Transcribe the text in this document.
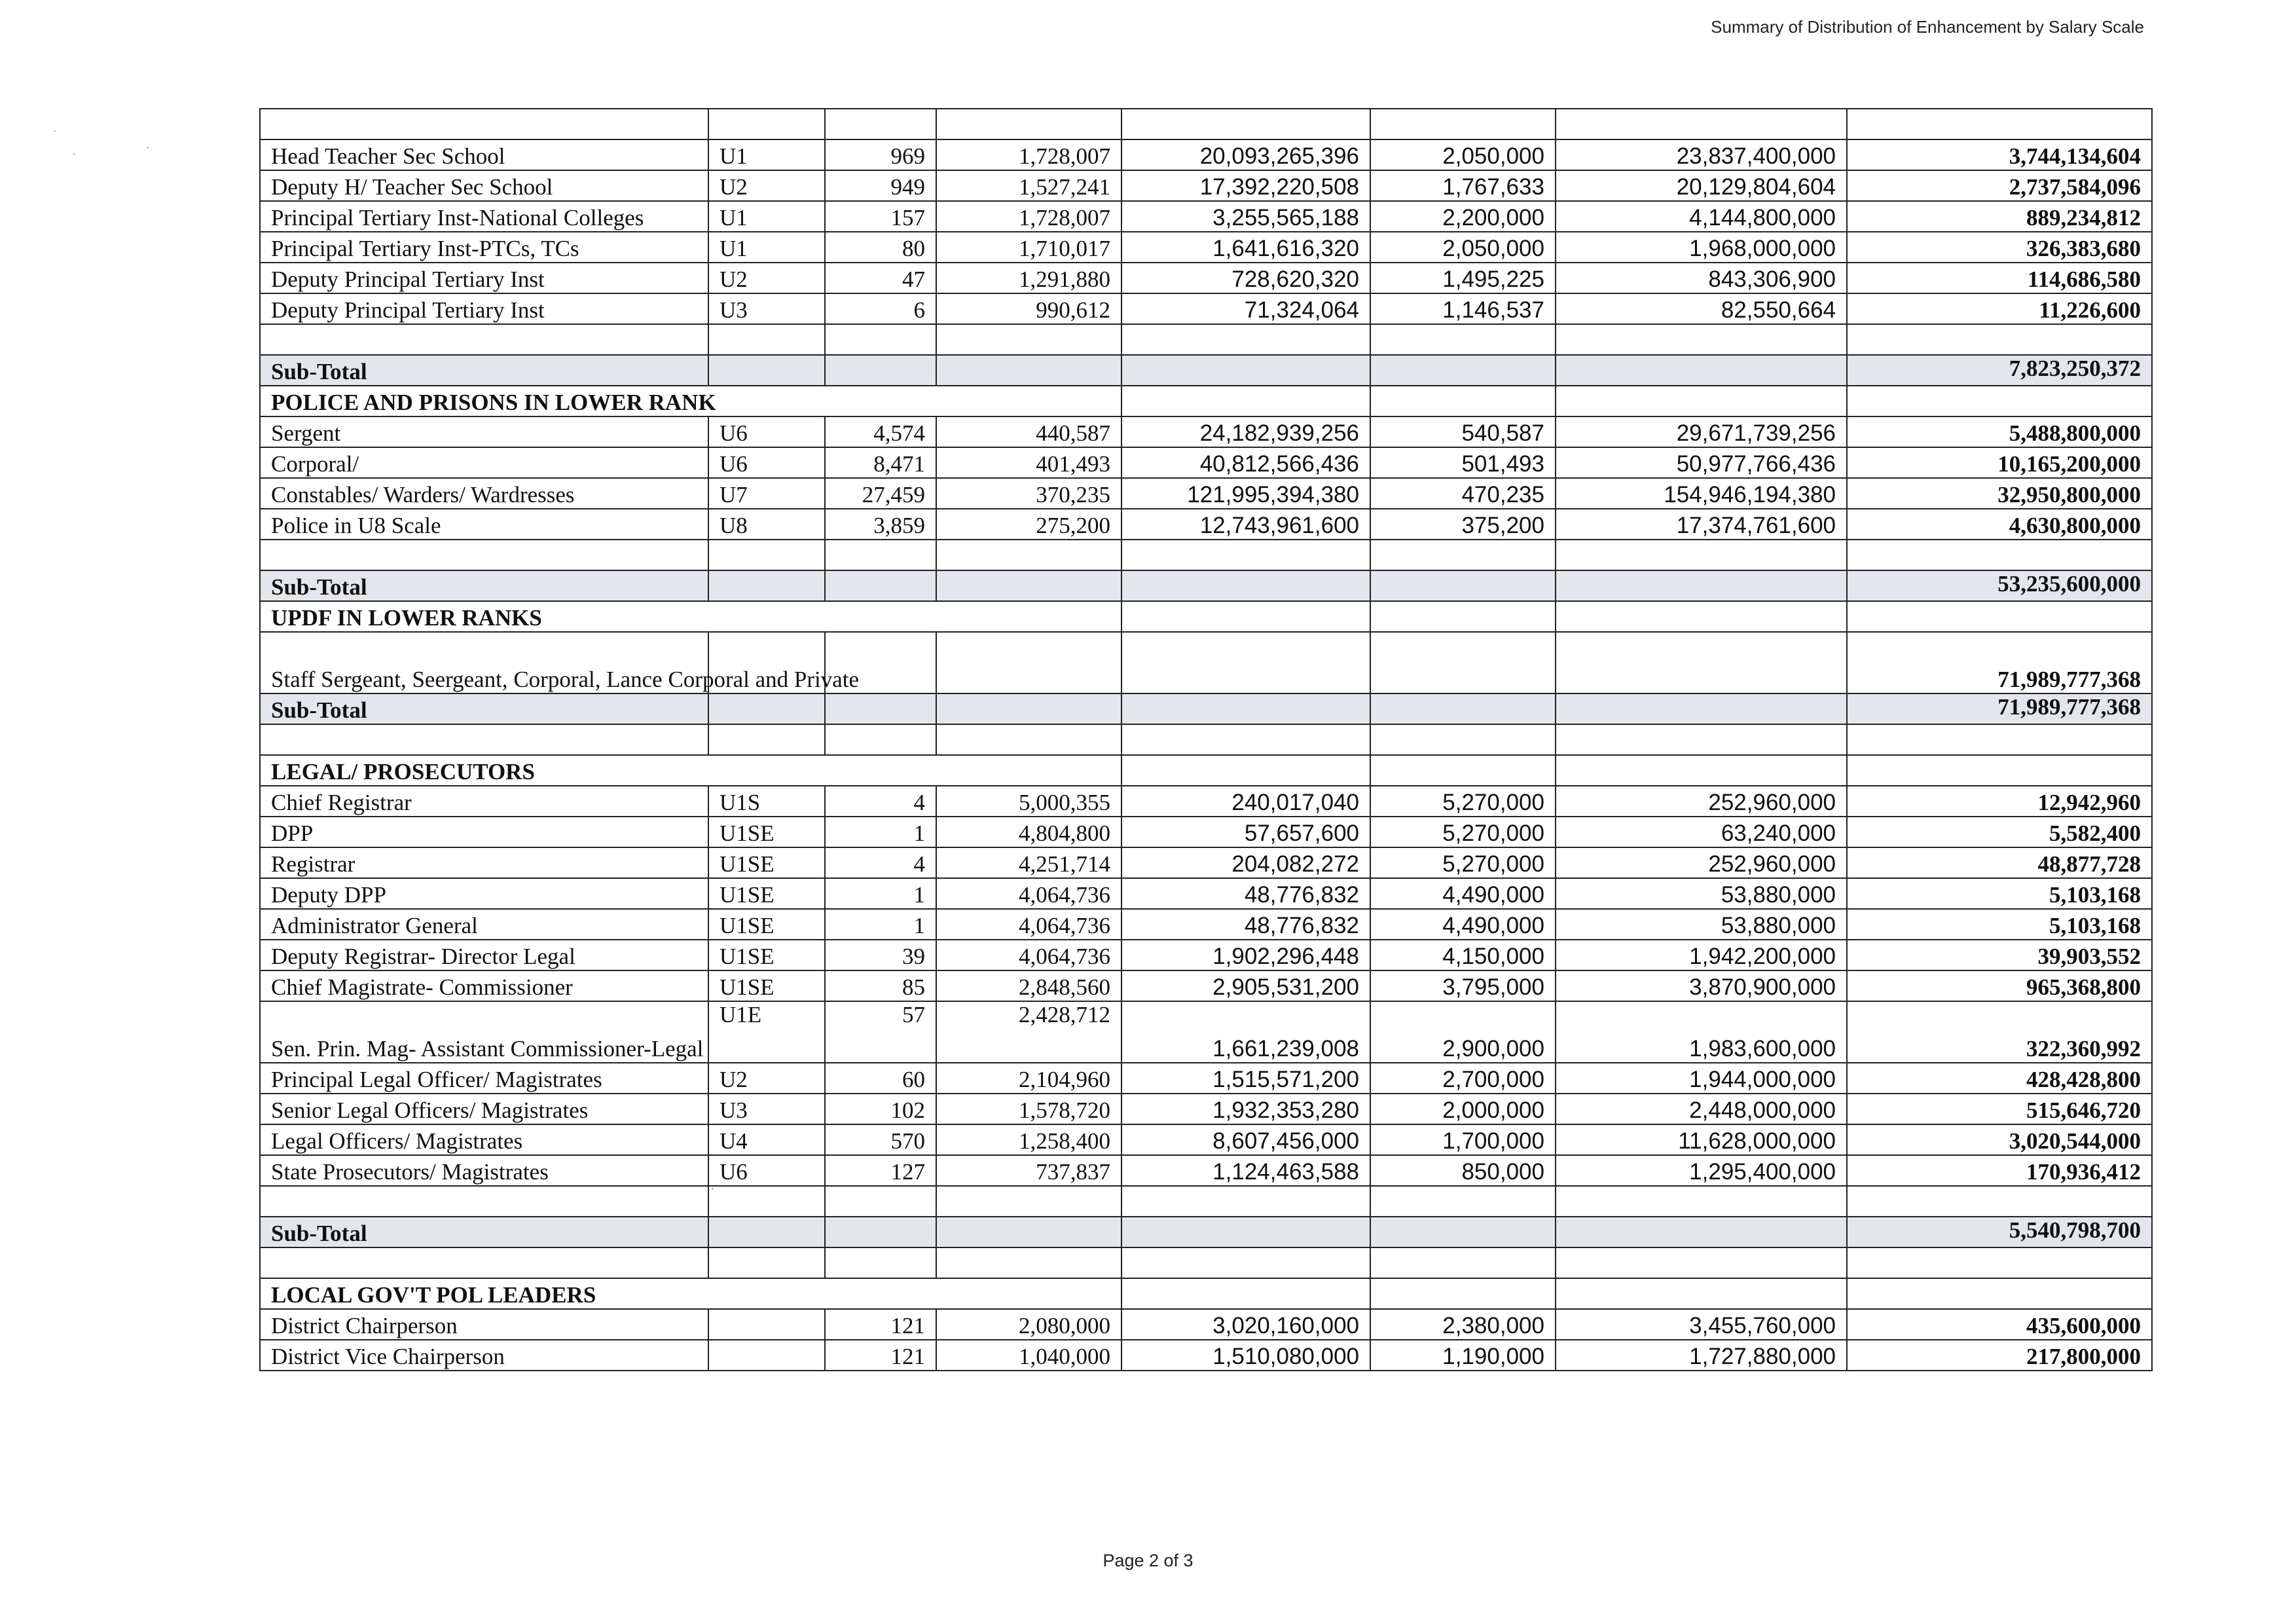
Summary of Distribution of Enhancement by Salary Scale
·
·	·
·

Head Teacher Sec School	U1	969	1,728,007	20,093,265,396	2,050,000	23,837,400,000	3,744,134,604
Deputy H/ Teacher Sec School	U2	949	1,527,241	17,392,220,508	1,767,633	20,129,804,604	2,737,584,096
Principal Tertiary Inst-National Colleges	U1	157	1,728,007	3,255,565,188	2,200,000	4,144,800,000	889,234,812
Principal Tertiary Inst-PTCs, TCs	U1	80	1,710,017	1,641,616,320	2,050,000	1,968,000,000	326,383,680
Deputy Principal Tertiary Inst	U2	47	1,291,880	728,620,320	1,495,225	843,306,900	114,686,580
Deputy Principal Tertiary Inst	U3	6	990,612	71,324,064	1,146,537	82,550,664	11,226,600

Sub-Total							7,823,250,372
POLICE AND PRISONS IN LOWER RANK							
Sergent	U6	4,574	440,587	24,182,939,256	540,587	29,671,739,256	5,488,800,000
Corporal/	U6	8,471	401,493	40,812,566,436	501,493	50,977,766,436	10,165,200,000
Constables/ Warders/ Wardresses	U7	27,459	370,235	121,995,394,380	470,235	154,946,194,380	32,950,800,000
Police in U8 Scale	U8	3,859	275,200	12,743,961,600	375,200	17,374,761,600	4,630,800,000

Sub-Total							53,235,600,000
UPDF IN LOWER RANKS							
Staff Sergeant, Seergeant, Corporal, Lance Corporal and Private							71,989,777,368
Sub-Total							71,989,777,368

LEGAL/ PROSECUTORS							
Chief Registrar	U1S	4	5,000,355	240,017,040	5,270,000	252,960,000	12,942,960
DPP	U1SE	1	4,804,800	57,657,600	5,270,000	63,240,000	5,582,400
Registrar	U1SE	4	4,251,714	204,082,272	5,270,000	252,960,000	48,877,728
Deputy DPP	U1SE	1	4,064,736	48,776,832	4,490,000	53,880,000	5,103,168
Administrator General	U1SE	1	4,064,736	48,776,832	4,490,000	53,880,000	5,103,168
Deputy Registrar- Director Legal	U1SE	39	4,064,736	1,902,296,448	4,150,000	1,942,200,000	39,903,552
Chief Magistrate- Commissioner	U1SE	85	2,848,560	2,905,531,200	3,795,000	3,870,900,000	965,368,800
Sen. Prin. Mag- Assistant Commissioner-Legal	U1E	57	2,428,712	1,661,239,008	2,900,000	1,983,600,000	322,360,992
Principal Legal Officer/ Magistrates	U2	60	2,104,960	1,515,571,200	2,700,000	1,944,000,000	428,428,800
Senior Legal Officers/ Magistrates	U3	102	1,578,720	1,932,353,280	2,000,000	2,448,000,000	515,646,720
Legal Officers/ Magistrates	U4	570	1,258,400	8,607,456,000	1,700,000	11,628,000,000	3,020,544,000
State Prosecutors/ Magistrates	U6	127	737,837	1,124,463,588	850,000	1,295,400,000	170,936,412

Sub-Total							5,540,798,700

LOCAL GOV'T POL LEADERS							
District Chairperson		121	2,080,000	3,020,160,000	2,380,000	3,455,760,000	435,600,000
District Vice Chairperson		121	1,040,000	1,510,080,000	1,190,000	1,727,880,000	217,800,000
Page 2 of 3
